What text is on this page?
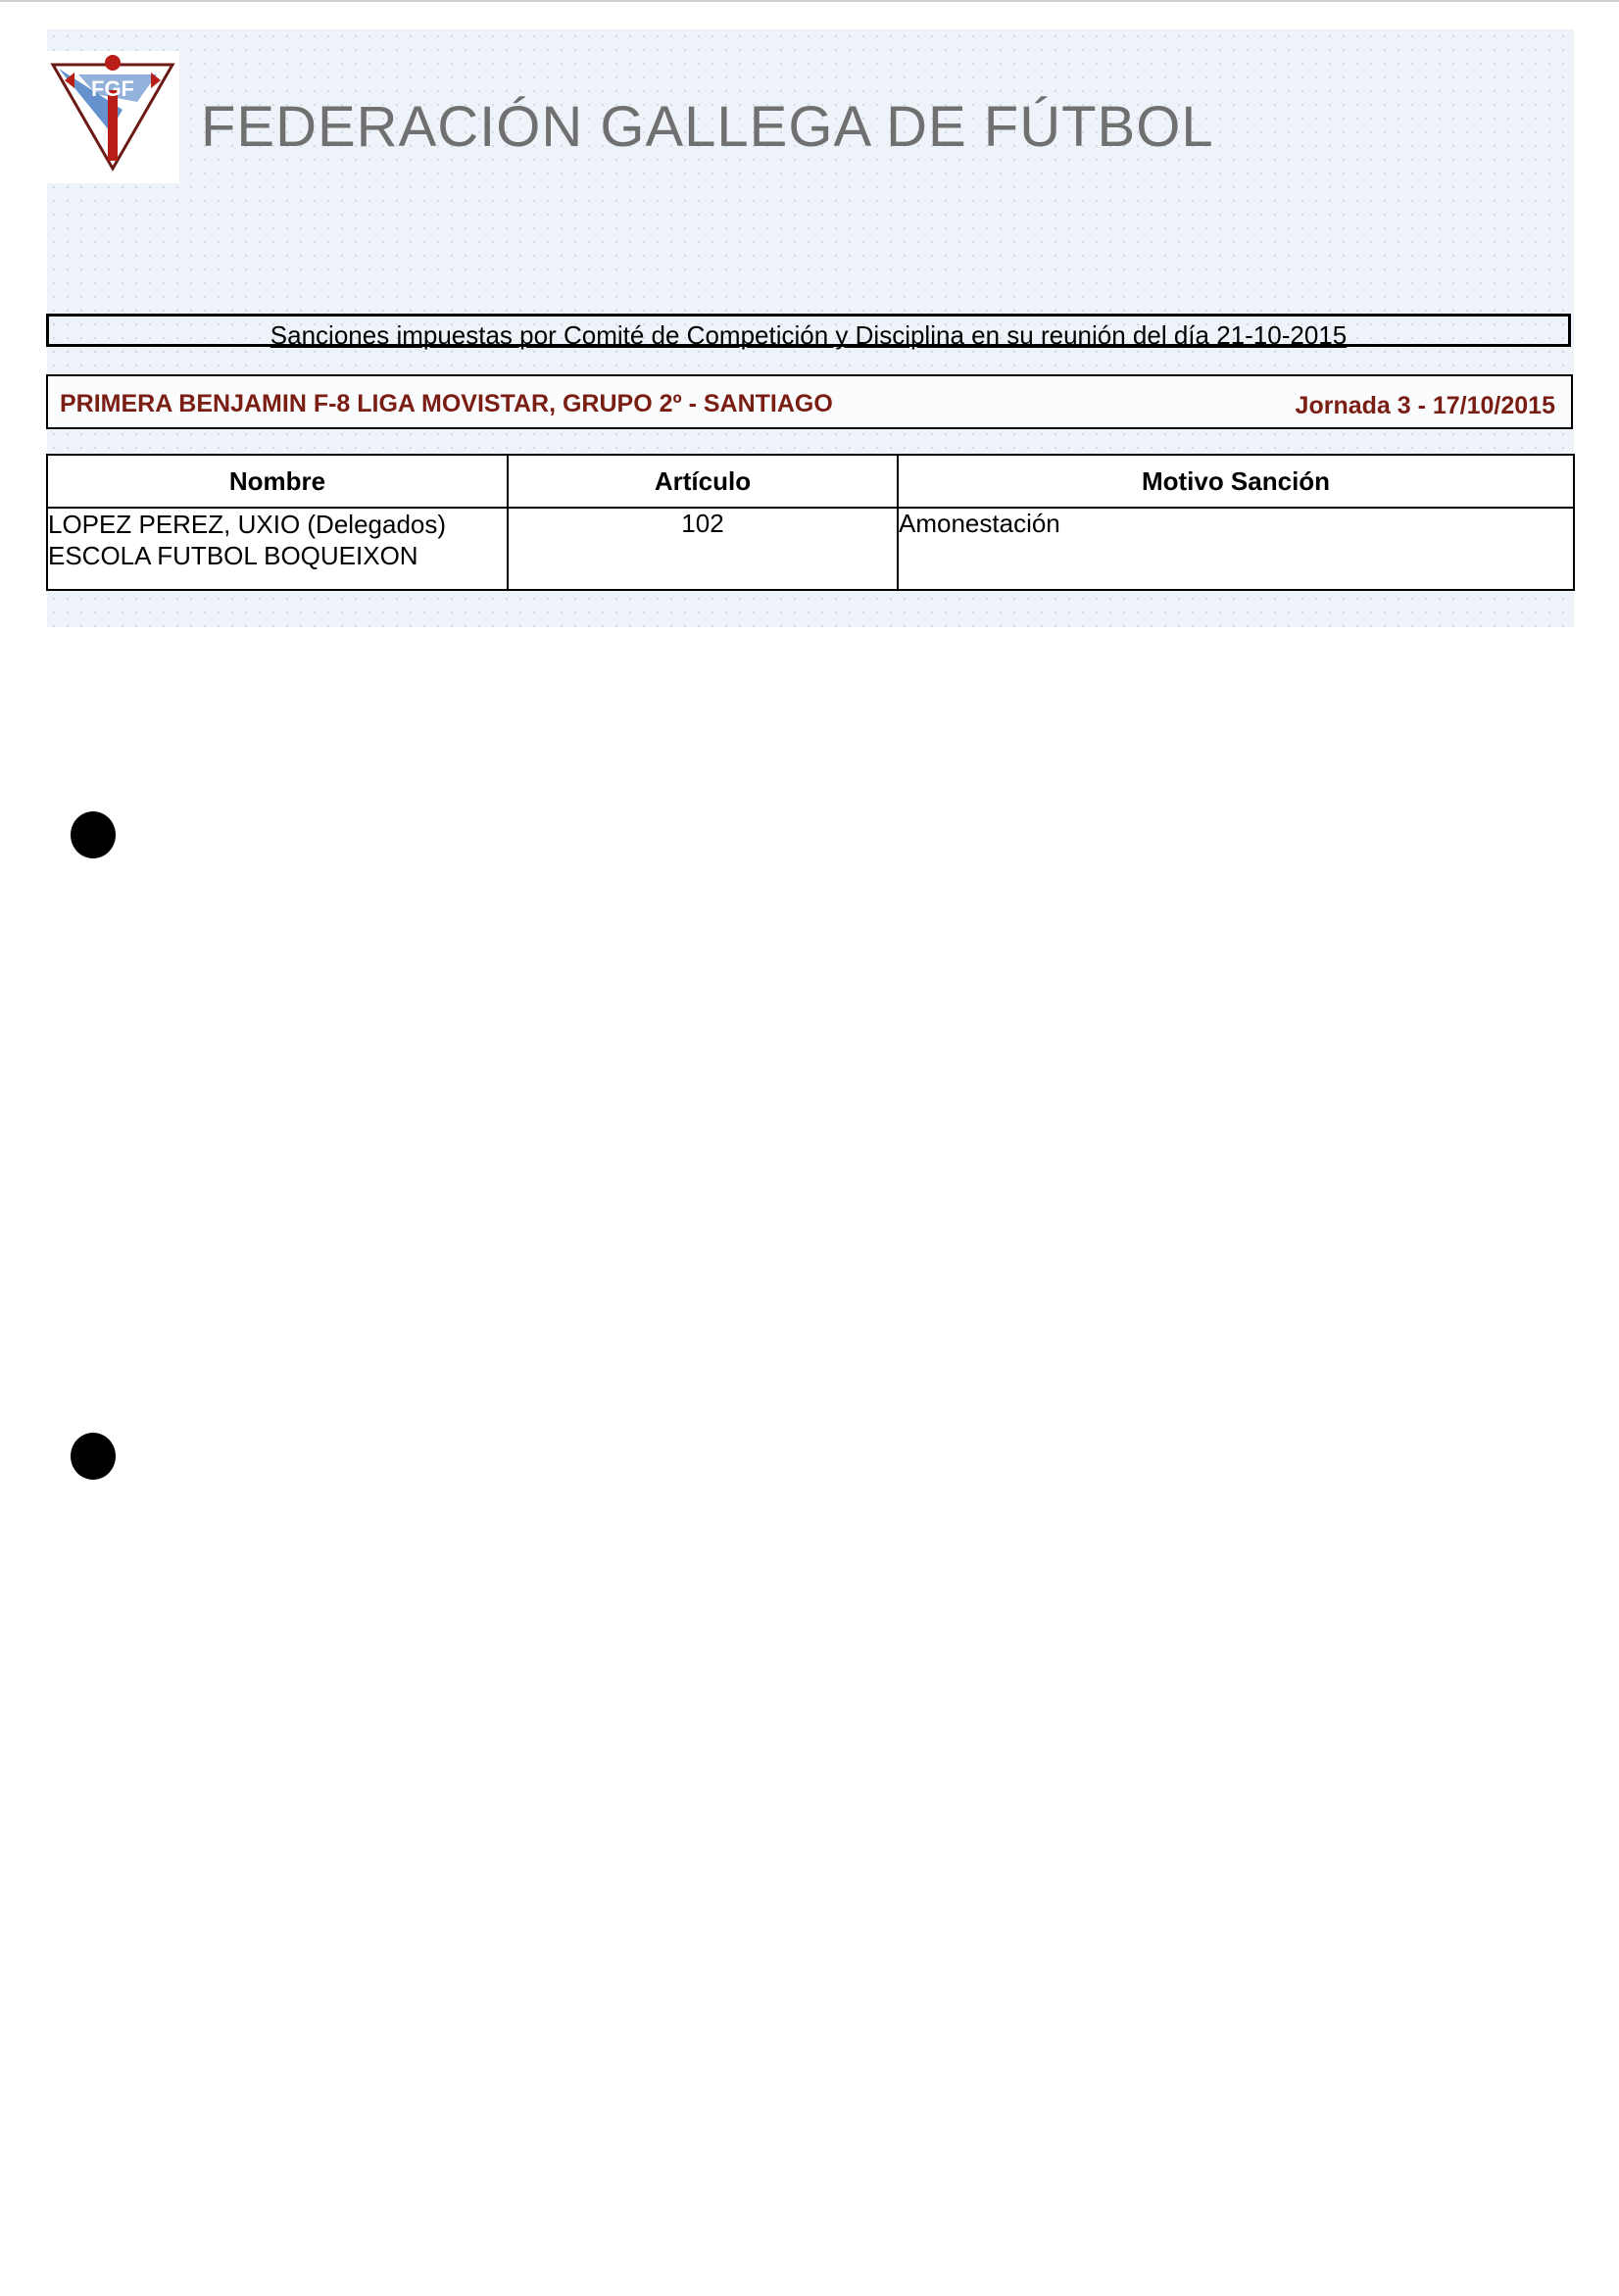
FGF
FEDERACIÓN GALLEGA DE FÚTBOL
Sanciones impuestas por Comité de Competición y Disciplina en su reunión del día 21-10-2015
PRIMERA BENJAMIN F-8 LIGA MOVISTAR, GRUPO 2º - SANTIAGO	Jornada 3 - 17/10/2015
Nombre	Artículo	Motivo Sanción

LOPEZ PEREZ, UXIO (Delegados)
ESCOLA FUTBOL BOQUEIXON	102	Amonestación
